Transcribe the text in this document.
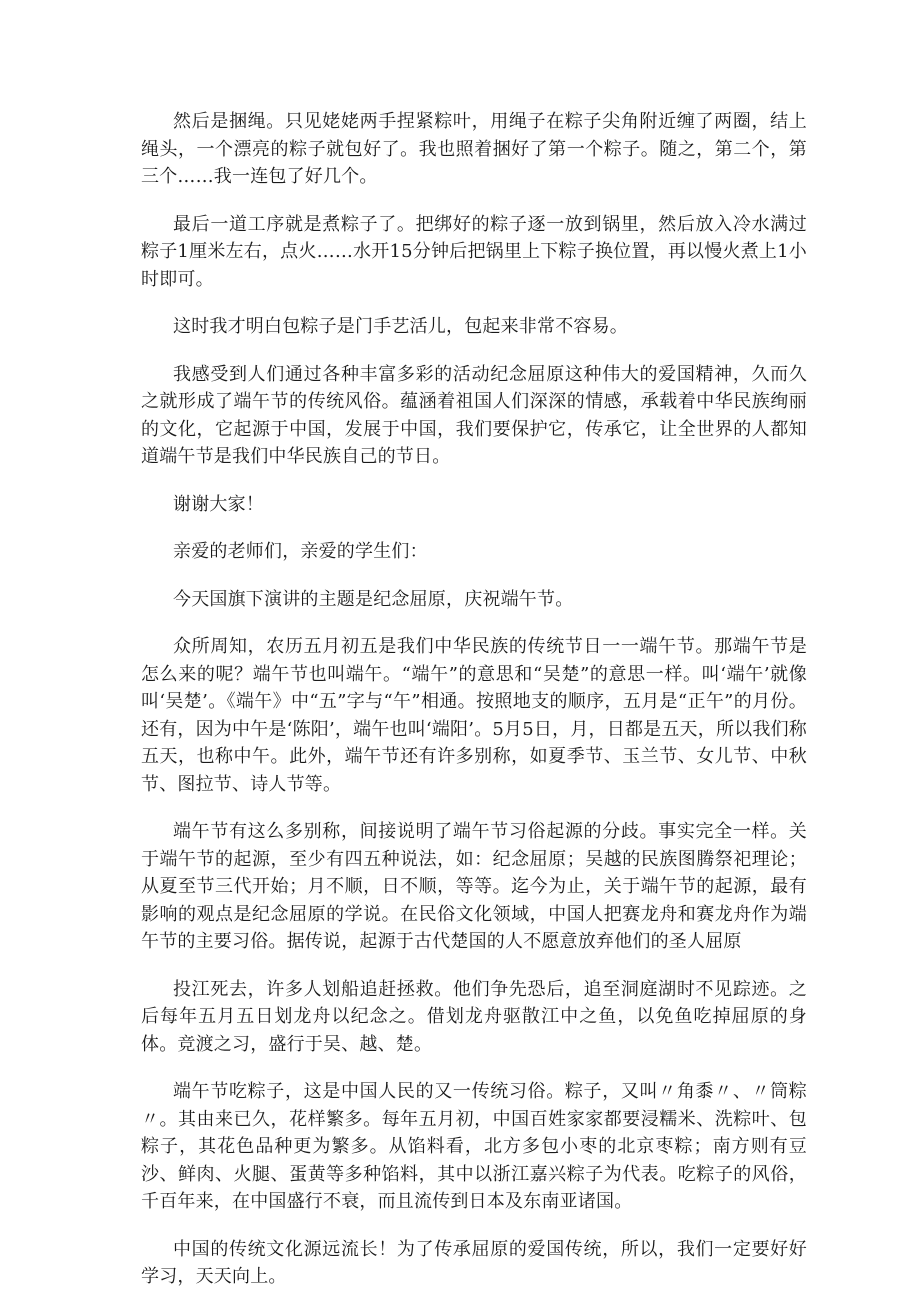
然后是捆绳。只见姥姥两手捏紧粽叶，用绳子在粽子尖角附近缠了两圈，结上绳头，一个漂亮的粽子就包好了。我也照着捆好了第一个粽子。随之，第二个，第三个……我一连包了好几个。

最后一道工序就是煮粽子了。把绑好的粽子逐一放到锅里，然后放入冷水满过粽子1厘米左右，点火……水开15分钟后把锅里上下粽子换位置，再以慢火煮上1小时即可。

这时我才明白包粽子是门手艺活儿，包起来非常不容易。

我感受到人们通过各种丰富多彩的活动纪念屈原这种伟大的爱国精神，久而久之就形成了端午节的传统风俗。蕴涵着祖国人们深深的情感，承载着中华民族绚丽的文化，它起源于中国，发展于中国，我们要保护它，传承它，让全世界的人都知道端午节是我们中华民族自己的节日。

谢谢大家！

亲爱的老师们，亲爱的学生们：

今天国旗下演讲的主题是纪念屈原，庆祝端午节。

众所周知，农历五月初五是我们中华民族的传统节日一一端午节。那端午节是怎么来的呢？端午节也叫端午。“端午”的意思和“吴楚”的意思一样。叫‘端午’就像叫‘吴楚’。《端午》中“五”字与“午”相通。按照地支的顺序，五月是“正午”的月份。还有，因为中午是‘陈阳’，端午也叫‘端阳’。5月5日，月，日都是五天，所以我们称五天，也称中午。此外，端午节还有许多别称，如夏季节、玉兰节、女儿节、中秋节、图拉节、诗人节等。

端午节有这么多别称，间接说明了端午节习俗起源的分歧。事实完全一样。关于端午节的起源，至少有四五种说法，如：纪念屈原；吴越的民族图腾祭祀理论；从夏至节三代开始；月不顺，日不顺，等等。迄今为止，关于端午节的起源，最有影响的观点是纪念屈原的学说。在民俗文化领域，中国人把赛龙舟和赛龙舟作为端午节的主要习俗。据传说，起源于古代楚国的人不愿意放弃他们的圣人屈原

投江死去，许多人划船追赶拯救。他们争先恐后，追至洞庭湖时不见踪迹。之后每年五月五日划龙舟以纪念之。借划龙舟驱散江中之鱼，以免鱼吃掉屈原的身体。竞渡之习，盛行于吴、越、楚。

端午节吃粽子，这是中国人民的又一传统习俗。粽子，又叫〃角黍〃、〃筒粽〃。其由来已久，花样繁多。每年五月初，中国百姓家家都要浸糯米、洗粽叶、包粽子，其花色品种更为繁多。从馅料看，北方多包小枣的北京枣粽；南方则有豆沙、鲜肉、火腿、蛋黄等多种馅料，其中以浙江嘉兴粽子为代表。吃粽子的风俗，千百年来，在中国盛行不衰，而且流传到日本及东南亚诸国。

中国的传统文化源远流长！为了传承屈原的爱国传统，所以，我们一定要好好学习，天天向上。
